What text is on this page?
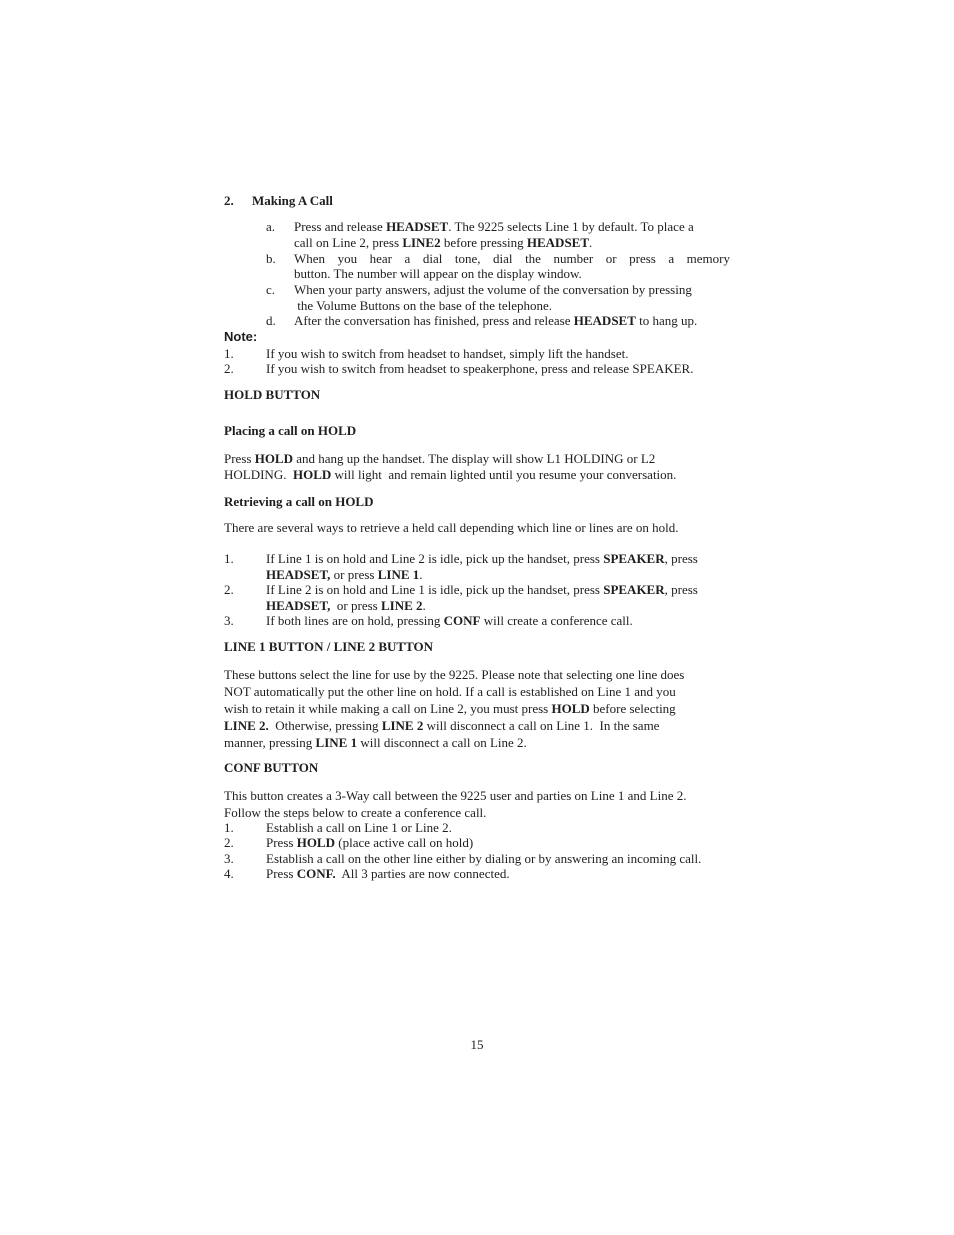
2. Making A Call
a. Press and release HEADSET. The 9225 selects Line 1 by default. To place a
call on Line 2, press LINE2 before pressing HEADSET.
b. When you hear a dial tone, dial the number or press a memory
button. The number will appear on the display window.
c. When your party answers, adjust the volume of the conversation by pressing
the Volume Buttons on the base of the telephone.
d. After the conversation has finished, press and release HEADSET to hang up.
Note:
1. If you wish to switch from headset to handset, simply lift the handset.
2. If you wish to switch from headset to speakerphone, press and release SPEAKER.
HOLD BUTTON
Placing a call on HOLD
Press HOLD and hang up the handset. The display will show L1 HOLDING or L2
HOLDING.  HOLD will light  and remain lighted until you resume your conversation.
Retrieving a call on HOLD
There are several ways to retrieve a held call depending which line or lines are on hold.
1. If Line 1 is on hold and Line 2 is idle, pick up the handset, press SPEAKER, press
HEADSET, or press LINE 1.
2. If Line 2 is on hold and Line 1 is idle, pick up the handset, press SPEAKER, press
HEADSET,  or press LINE 2.
3. If both lines are on hold, pressing CONF will create a conference call.
LINE 1 BUTTON / LINE 2 BUTTON
These buttons select the line for use by the 9225. Please note that selecting one line does
NOT automatically put the other line on hold. If a call is established on Line 1 and you
wish to retain it while making a call on Line 2, you must press HOLD before selecting
LINE 2.  Otherwise, pressing LINE 2 will disconnect a call on Line 1.  In the same
manner, pressing LINE 1 will disconnect a call on Line 2.
CONF BUTTON
This button creates a 3-Way call between the 9225 user and parties on Line 1 and Line 2.
Follow the steps below to create a conference call.
1. Establish a call on Line 1 or Line 2.
2. Press HOLD (place active call on hold)
3. Establish a call on the other line either by dialing or by answering an incoming call.
4. Press CONF.  All 3 parties are now connected.
15
